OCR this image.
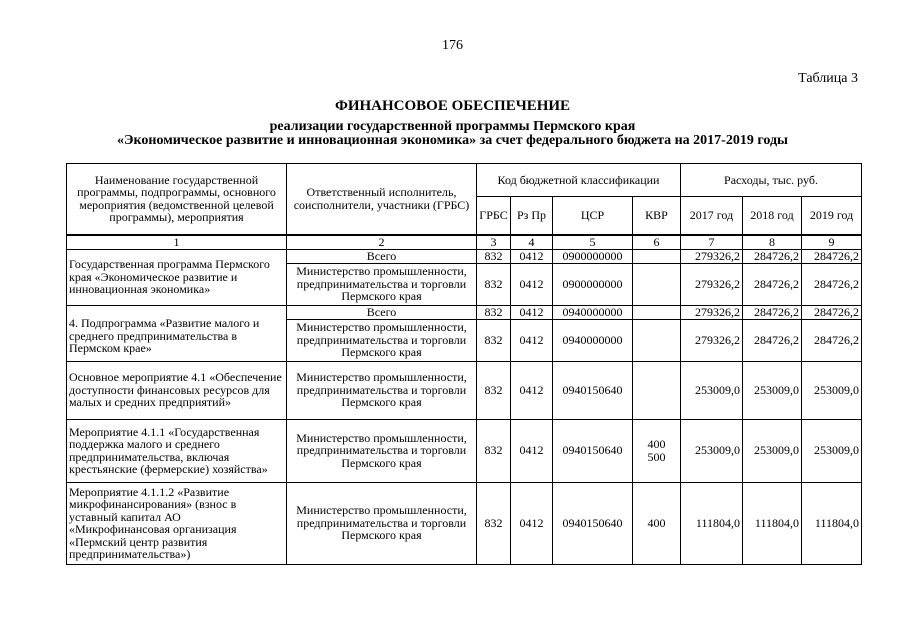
176
Таблица 3
ФИНАНСОВОЕ ОБЕСПЕЧЕНИЕ
реализации государственной программы Пермского края
«Экономическое развитие и инновационная экономика» за счет федерального бюджета на 2017-2019 годы
Наименование государственной программы, подпрограммы, основного мероприятия (ведомственной целевой программы), мероприятия	Ответственный исполнитель, соисполнители, участники (ГРБС)	Код бюджетной классификации				Расходы, тыс. руб.		
		ГРБС	Рз Пр	ЦСР	КВР	2017 год	2018 год	2019 год
1	2	3	4	5	6	7	8	9
Государственная программа Пермского края «Экономическое развитие и инновационная экономика»	Всего	832	0412	0900000000		279326,2	284726,2	284726,2
	Министерство промышленности, предпринимательства и торговли Пермского края	832	0412	0900000000		279326,2	284726,2	284726,2
4. Подпрограмма «Развитие малого и среднего предпринимательства в Пермском крае»	Всего	832	0412	0940000000		279326,2	284726,2	284726,2
	Министерство промышленности, предпринимательства и торговли Пермского края	832	0412	0940000000		279326,2	284726,2	284726,2
Основное мероприятие 4.1 «Обеспечение доступности финансовых ресурсов для малых и средних предприятий»	Министерство промышленности, предпринимательства и торговли Пермского края	832	0412	0940150640		253009,0	253009,0	253009,0
Мероприятие 4.1.1 «Государственная поддержка малого и среднего предпринимательства, включая крестьянские (фермерские) хозяйства»	Министерство промышленности, предпринимательства и торговли Пермского края	832	0412	0940150640	400 500	253009,0	253009,0	253009,0
Мероприятие 4.1.1.2 «Развитие микрофинансирования» (взнос в уставный капитал АО «Микрофинансовая организация «Пермский центр развития предпринимательства»)	Министерство промышленности, предпринимательства и торговли Пермского края	832	0412	0940150640	400	111804,0	111804,0	111804,0
